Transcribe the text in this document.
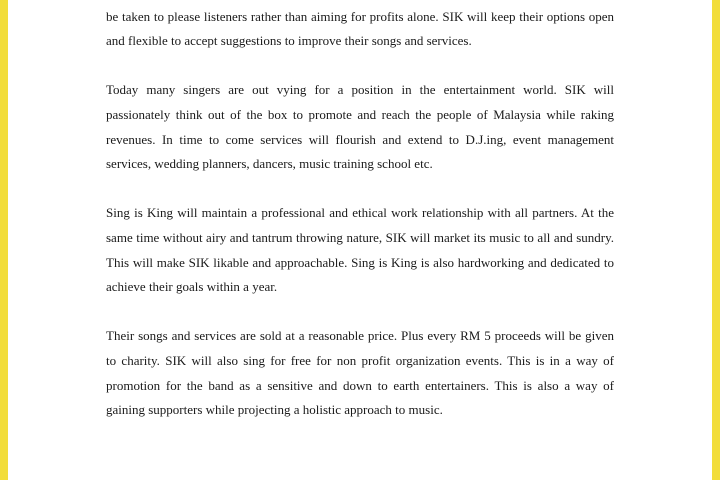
be taken to please listeners rather than aiming for profits alone. SIK will keep their options open and flexible to accept suggestions to improve their songs and services.

Today many singers are out vying for a position in the entertainment world. SIK will passionately think out of the box to promote and reach the people of Malaysia while raking revenues. In time to come services will flourish and extend to D.J.ing, event management services, wedding planners, dancers, music training school etc.

Sing is King will maintain a professional and ethical work relationship with all partners. At the same time without airy and tantrum throwing nature, SIK will market its music to all and sundry. This will make SIK likable and approachable. Sing is King is also hardworking and dedicated to achieve their goals within a year.

Their songs and services are sold at a reasonable price. Plus every RM 5 proceeds will be given to charity. SIK will also sing for free for non profit organization events. This is in a way of promotion for the band as a sensitive and down to earth entertainers. This is also a way of gaining supporters while projecting a holistic approach to music.
